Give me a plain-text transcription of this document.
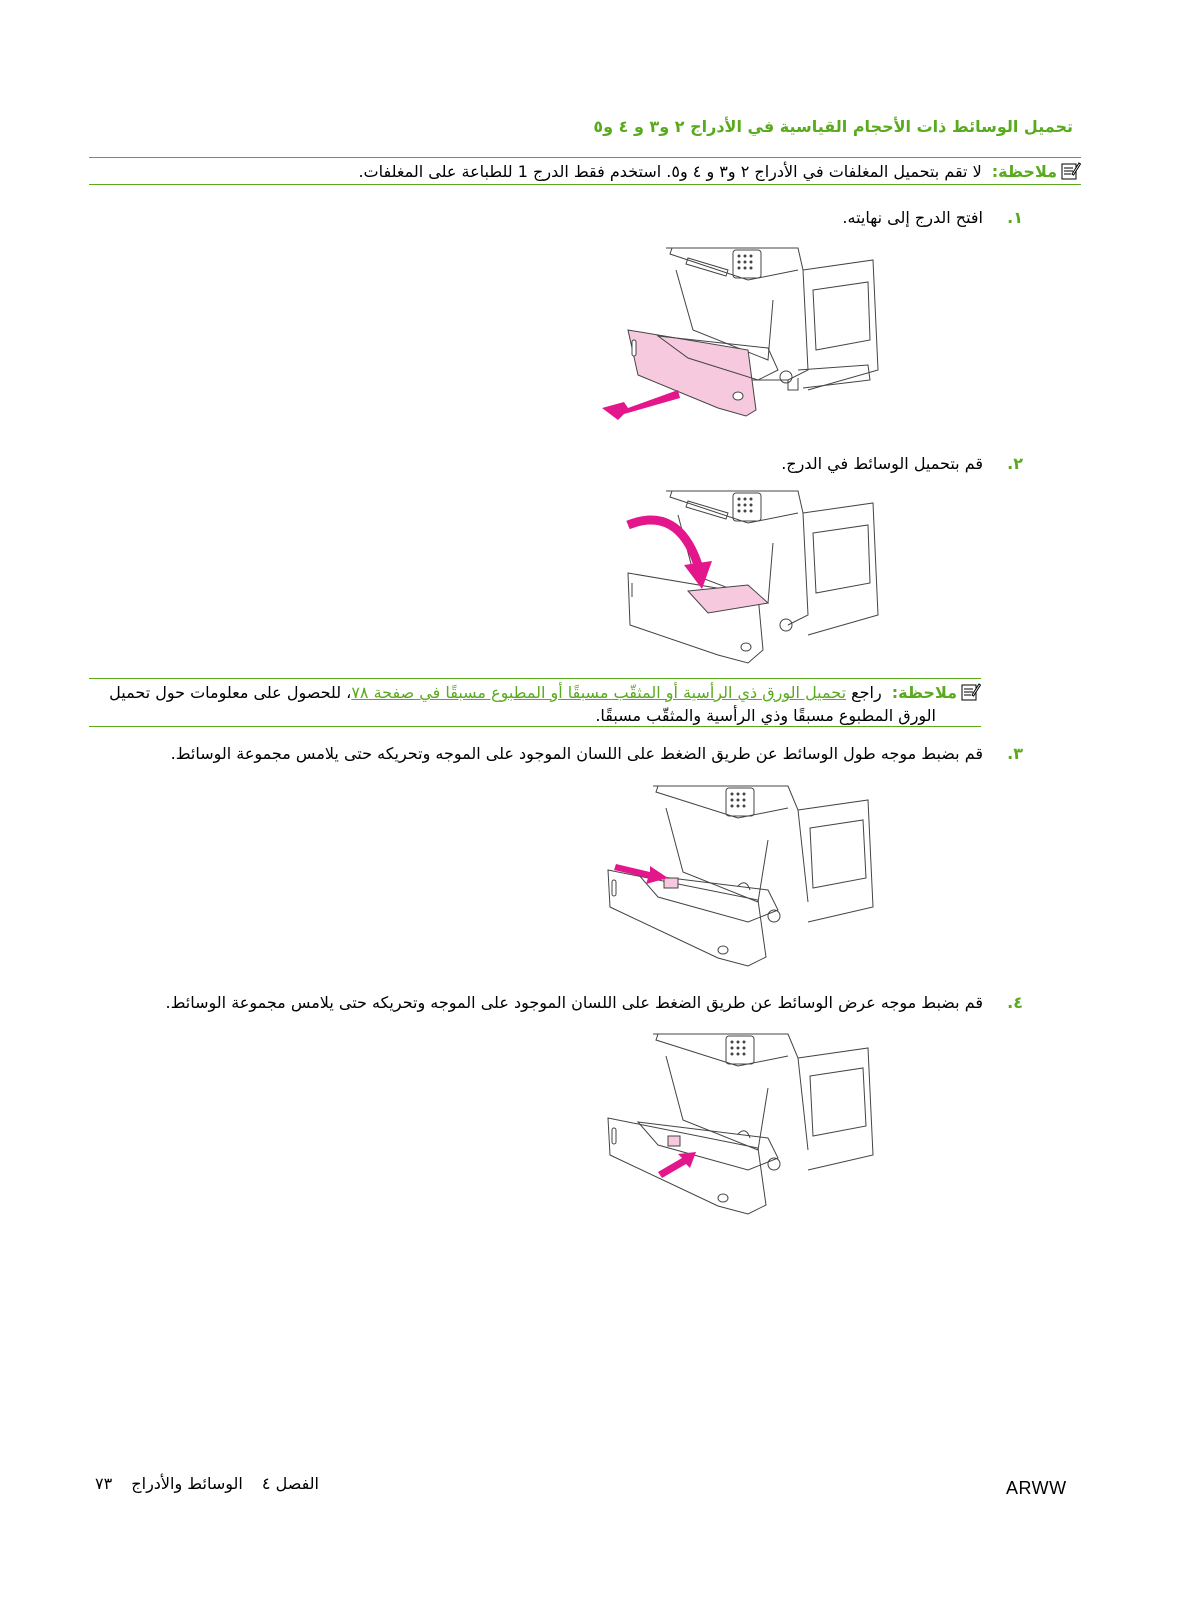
تحميل الوسائط ذات الأحجام القياسية في الأدراج ٢ و٣ و ٤ و٥
ملاحظة:لا تقم بتحميل المغلفات في الأدراج ٢ و٣ و ٤ و٥. استخدم فقط الدرج 1 للطباعة على المغلفات.
١.
افتح الدرج إلى نهايته.
٢.
قم بتحميل الوسائط في الدرج.
ملاحظة:راجع تحميل الورق ذي الرأسية أو المثقّب مسبقًا أو المطبوع مسبقًا في صفحة ٧٨، للحصول على معلومات حول تحميل
الورق المطبوع مسبقًا وذي الرأسية والمثقّب مسبقًا.
٣.
قم بضبط موجه طول الوسائط عن طريق الضغط على اللسان الموجود على الموجه وتحريكه حتى يلامس مجموعة الوسائط.
٤.
قم بضبط موجه عرض الوسائط عن طريق الضغط على اللسان الموجود على الموجه وتحريكه حتى يلامس مجموعة الوسائط.
ARWW
الفصل ٤ الوسائط والأدراج ٧٣
